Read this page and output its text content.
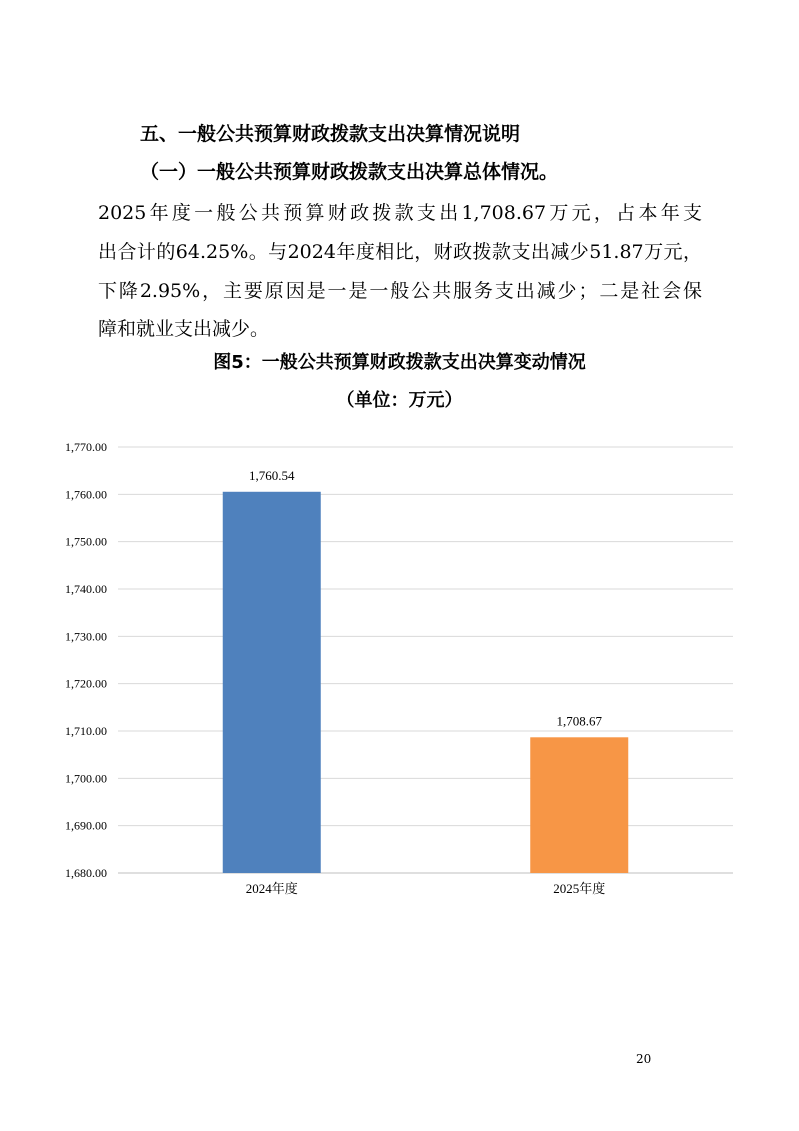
五、一般公共预算财政拨款支出决算情况说明
（一）一般公共预算财政拨款支出决算总体情况。
2025年度一般公共预算财政拨款支出1,708.67万元，占本年支
出合计的64.25%。与2024年度相比，财政拨款支出减少51.87万元，
下降2.95%，主要原因是一是一般公共服务支出减少；二是社会保
障和就业支出减少。
图5：一般公共预算财政拨款支出决算变动情况
（单位：万元）
1,680.00
1,690.00
1,700.00
1,710.00
1,720.00
1,730.00
1,740.00
1,750.00
1,760.00
1,770.00
1,760.54
2024年度
1,708.67
2025年度
20
